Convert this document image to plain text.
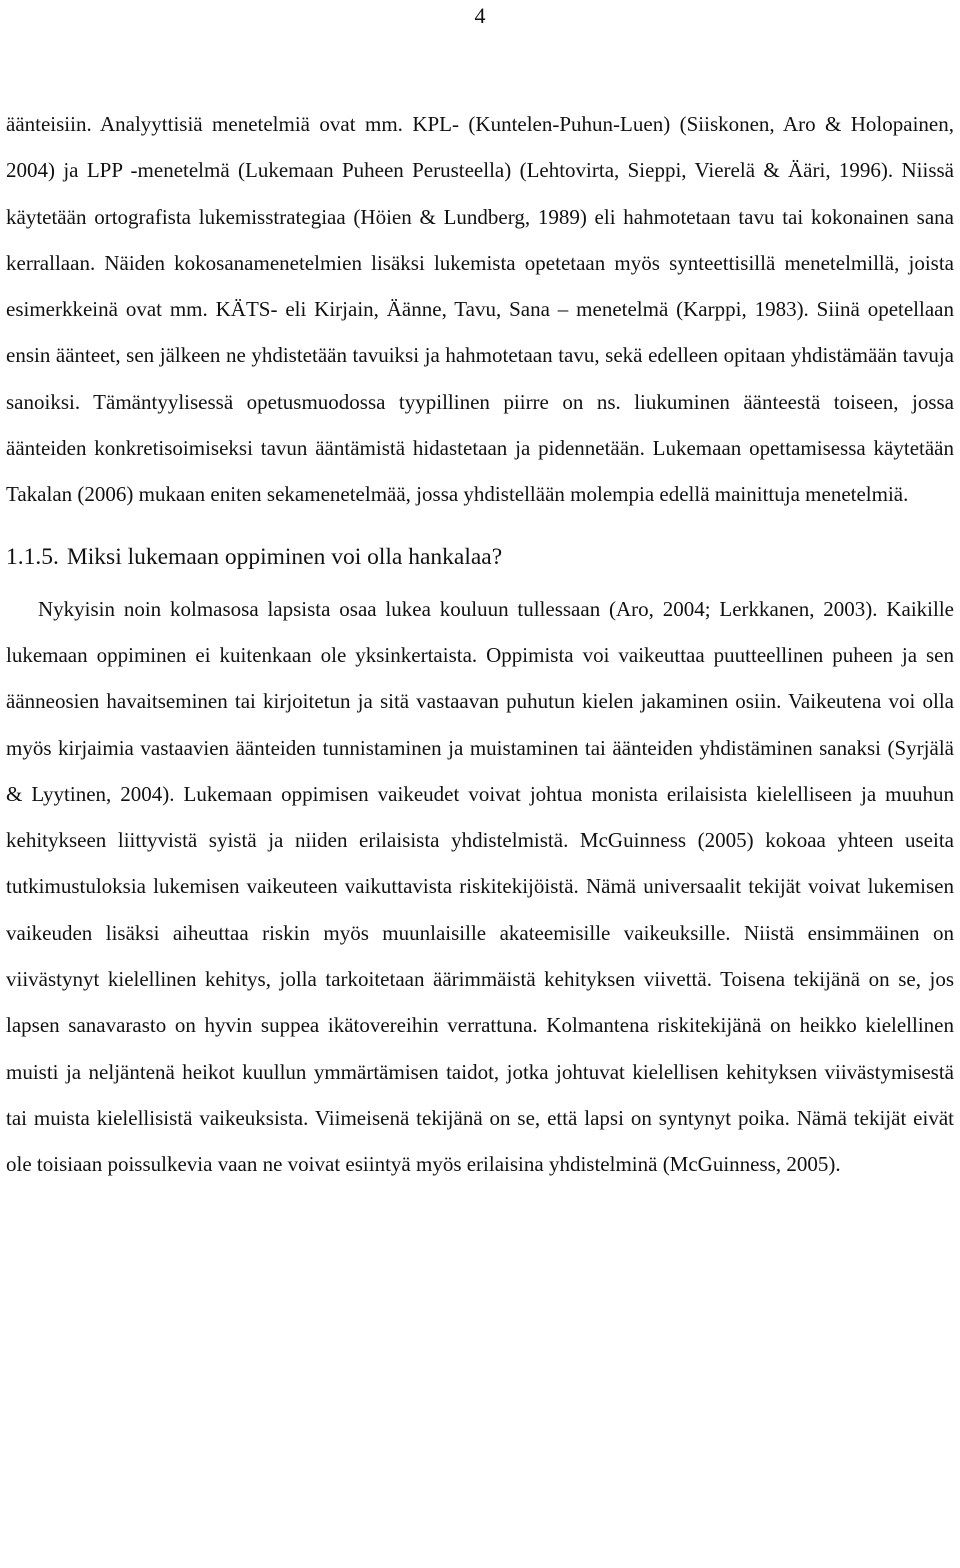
4

äänteisiin. Analyyttisiä menetelmiä ovat mm. KPL- (Kuntelen-Puhun-Luen) (Siiskonen, Aro & Holopainen, 2004) ja LPP -menetelmä (Lukemaan Puheen Perusteella) (Lehtovirta, Sieppi, Vierelä & Ääri, 1996). Niissä käytetään ortografista lukemisstrategiaa (Höien & Lundberg, 1989) eli hahmotetaan tavu tai kokonainen sana kerrallaan. Näiden kokosanamenetelmien lisäksi lukemista opetetaan myös synteettisillä menetelmillä, joista esimerkkeinä ovat mm. KÄTS- eli Kirjain, Äänne, Tavu, Sana – menetelmä (Karppi, 1983). Siinä opetellaan ensin äänteet, sen jälkeen ne yhdistetään tavuiksi ja hahmotetaan tavu, sekä edelleen opitaan yhdistämään tavuja sanoiksi. Tämäntyylisessä opetusmuodossa tyypillinen piirre on ns. liukuminen äänteestä toiseen, jossa äänteiden konkretisoimiseksi tavun ääntämistä hidastetaan ja pidennetään. Lukemaan opettamisessa käytetään Takalan (2006) mukaan eniten sekamenetelmää, jossa yhdistellään molempia edellä mainittuja menetelmiä.

1.1.5. Miksi lukemaan oppiminen voi olla hankalaa?

Nykyisin noin kolmasosa lapsista osaa lukea kouluun tullessaan (Aro, 2004; Lerkkanen, 2003). Kaikille lukemaan oppiminen ei kuitenkaan ole yksinkertaista. Oppimista voi vaikeuttaa puutteellinen puheen ja sen äänneosien havaitseminen tai kirjoitetun ja sitä vastaavan puhutun kielen jakaminen osiin. Vaikeutena voi olla myös kirjaimia vastaavien äänteiden tunnistaminen ja muistaminen tai äänteiden yhdistäminen sanaksi (Syrjälä & Lyytinen, 2004). Lukemaan oppimisen vaikeudet voivat johtua monista erilaisista kielelliseen ja muuhun kehitykseen liittyvistä syistä ja niiden erilaisista yhdistelmistä. McGuinness (2005) kokoaa yhteen useita tutkimustuloksia lukemisen vaikeuteen vaikuttavista riskitekijöistä. Nämä universaalit tekijät voivat lukemisen vaikeuden lisäksi aiheuttaa riskin myös muunlaisille akateemisille vaikeuksille. Niistä ensimmäinen on viivästynyt kielellinen kehitys, jolla tarkoitetaan äärimmäistä kehityksen viivettä. Toisena tekijänä on se, jos lapsen sanavarasto on hyvin suppea ikätovereihin verrattuna. Kolmantena riskitekijänä on heikko kielellinen muisti ja neljäntenä heikot kuullun ymmärtämisen taidot, jotka johtuvat kielellisen kehityksen viivästymisestä tai muista kielellisistä vaikeuksista. Viimeisenä tekijänä on se, että lapsi on syntynyt poika. Nämä tekijät eivät ole toisiaan poissulkevia vaan ne voivat esiintyä myös erilaisina yhdistelminä (McGuinness, 2005).
